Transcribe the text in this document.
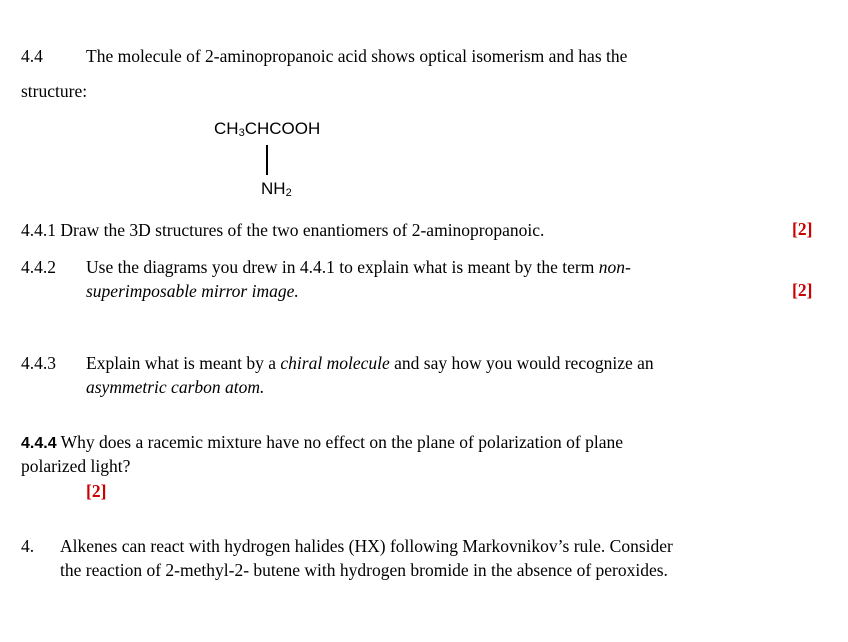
4.4 The molecule of 2-aminopropanoic acid shows optical isomerism and has the
structure:
$CH_3CHCOOH$
$NH_2$
4.4.1 Draw the 3D structures of the two enantiomers of 2-aminopropanoic.	[2]
4.4.2 Use the diagrams you drew in 4.4.1 to explain what is meant by the term non-
superimposable mirror image.	[2]
4.4.3 Explain what is meant by a chiral molecule and say how you would recognize an
asymmetric carbon atom.
4.4.4 Why does a racemic mixture have no effect on the plane of polarization of plane
polarized light?
[2]
4. Alkenes can react with hydrogen halides (HX) following Markovnikov’s rule. Consider
the reaction of 2-methyl-2- butene with hydrogen bromide in the absence of peroxides.
